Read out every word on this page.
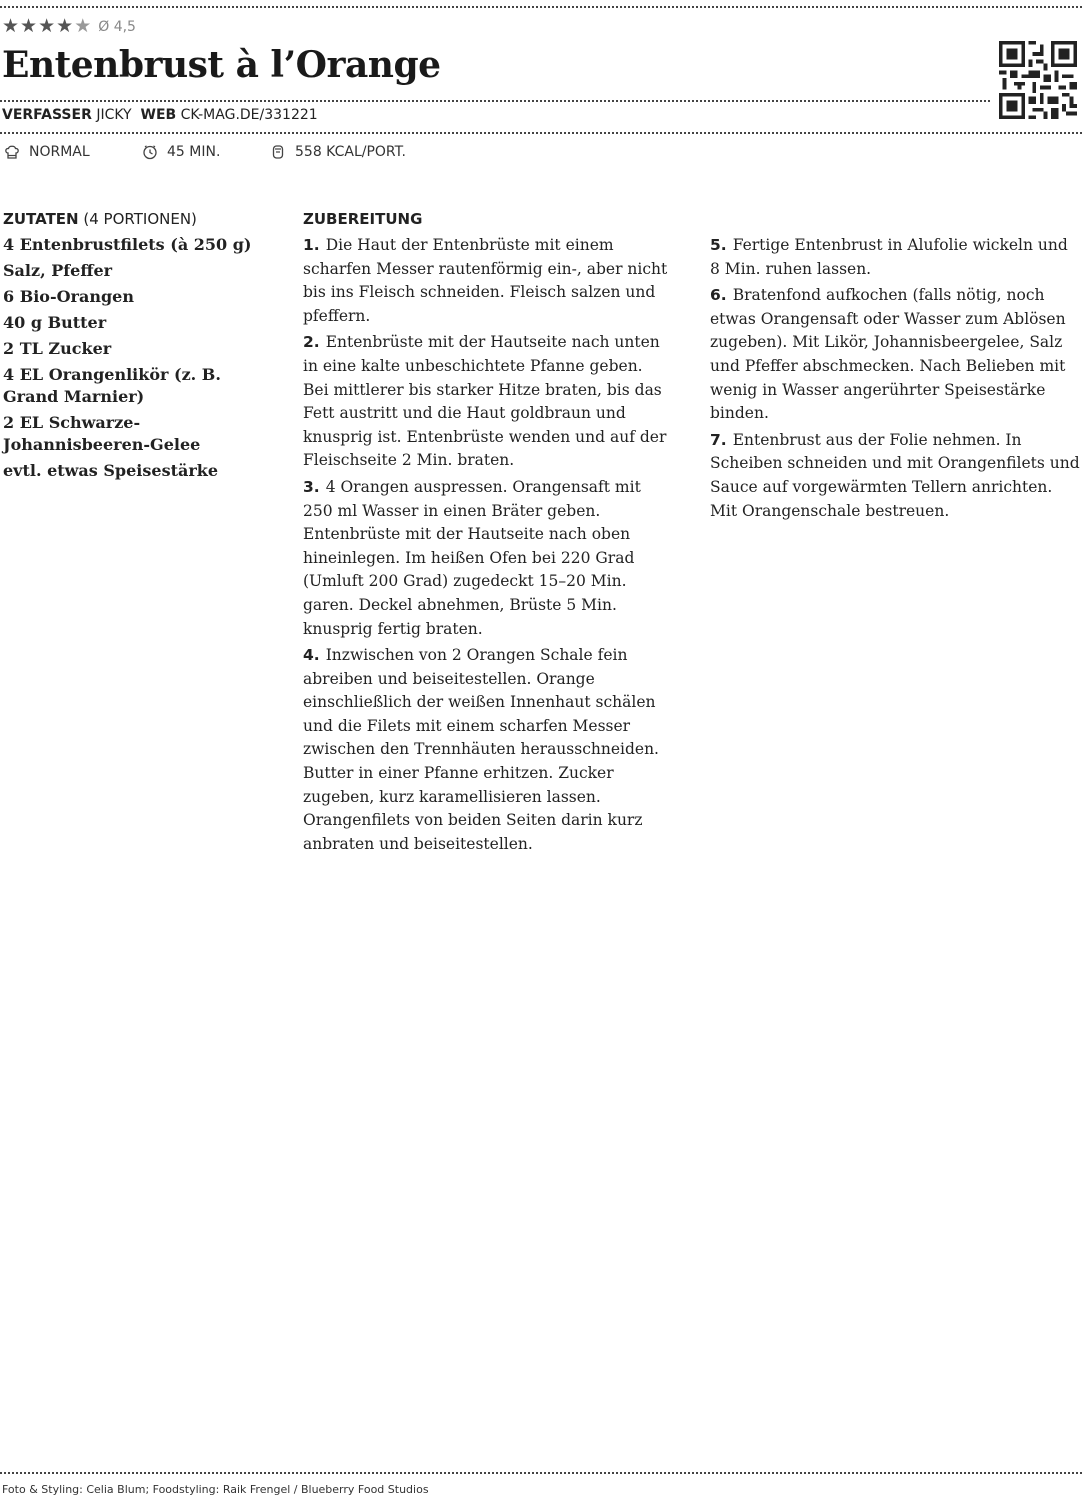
★ ★ ★ ★ ★ Ø 4,5
Entenbrust à l’Orange
VERFASSER JICKY WEB CK-MAG.DE/331221
NORMAL	45 MIN.	558 KCAL/PORT.
ZUTATEN (4 PORTIONEN)
4 Entenbrustfilets (à 250 g)
Salz, Pfeffer
6 Bio-Orangen
40 g Butter
2 TL Zucker
4 EL Orangenlikör (z. B. Grand Marnier)
2 EL Schwarze-Johannisbeeren-Gelee
evtl. etwas Speisestärke
ZUBEREITUNG
1. Die Haut der Entenbrüste mit einem scharfen Messer rautenförmig ein-, aber nicht bis ins Fleisch schneiden. Fleisch salzen und pfeffern.
2. Entenbrüste mit der Hautseite nach unten in eine kalte unbeschichtete Pfanne geben. Bei mittlerer bis starker Hitze braten, bis das Fett austritt und die Haut goldbraun und knusprig ist. Entenbrüste wenden und auf der Fleischseite 2 Min. braten.
3. 4 Orangen auspressen. Orangensaft mit 250 ml Wasser in einen Bräter geben. Entenbrüste mit der Hautseite nach oben hineinlegen. Im heißen Ofen bei 220 Grad (Umluft 200 Grad) zugedeckt 15–20 Min. garen. Deckel abnehmen, Brüste 5 Min. knusprig fertig braten.
4. Inzwischen von 2 Orangen Schale fein abreiben und beiseitestellen. Orange einschließlich der weißen Innenhaut schälen und die Filets mit einem scharfen Messer zwischen den Trennhäuten herausschneiden. Butter in einer Pfanne erhitzen. Zucker zugeben, kurz karamellisieren lassen. Orangenfilets von beiden Seiten darin kurz anbraten und beiseitestellen.
5. Fertige Entenbrust in Alufolie wickeln und 8 Min. ruhen lassen.
6. Bratenfond aufkochen (falls nötig, noch etwas Orangensaft oder Wasser zum Ablösen zugeben). Mit Likör, Johannisbeergelee, Salz und Pfeffer abschmecken. Nach Belieben mit wenig in Wasser angerührter Speisestärke binden.
7. Entenbrust aus der Folie nehmen. In Scheiben schneiden und mit Orangenfilets und Sauce auf vorgewärmten Tellern anrichten. Mit Orangenschale bestreuen.
Foto & Styling: Celia Blum; Foodstyling: Raik Frengel / Blueberry Food Studios
